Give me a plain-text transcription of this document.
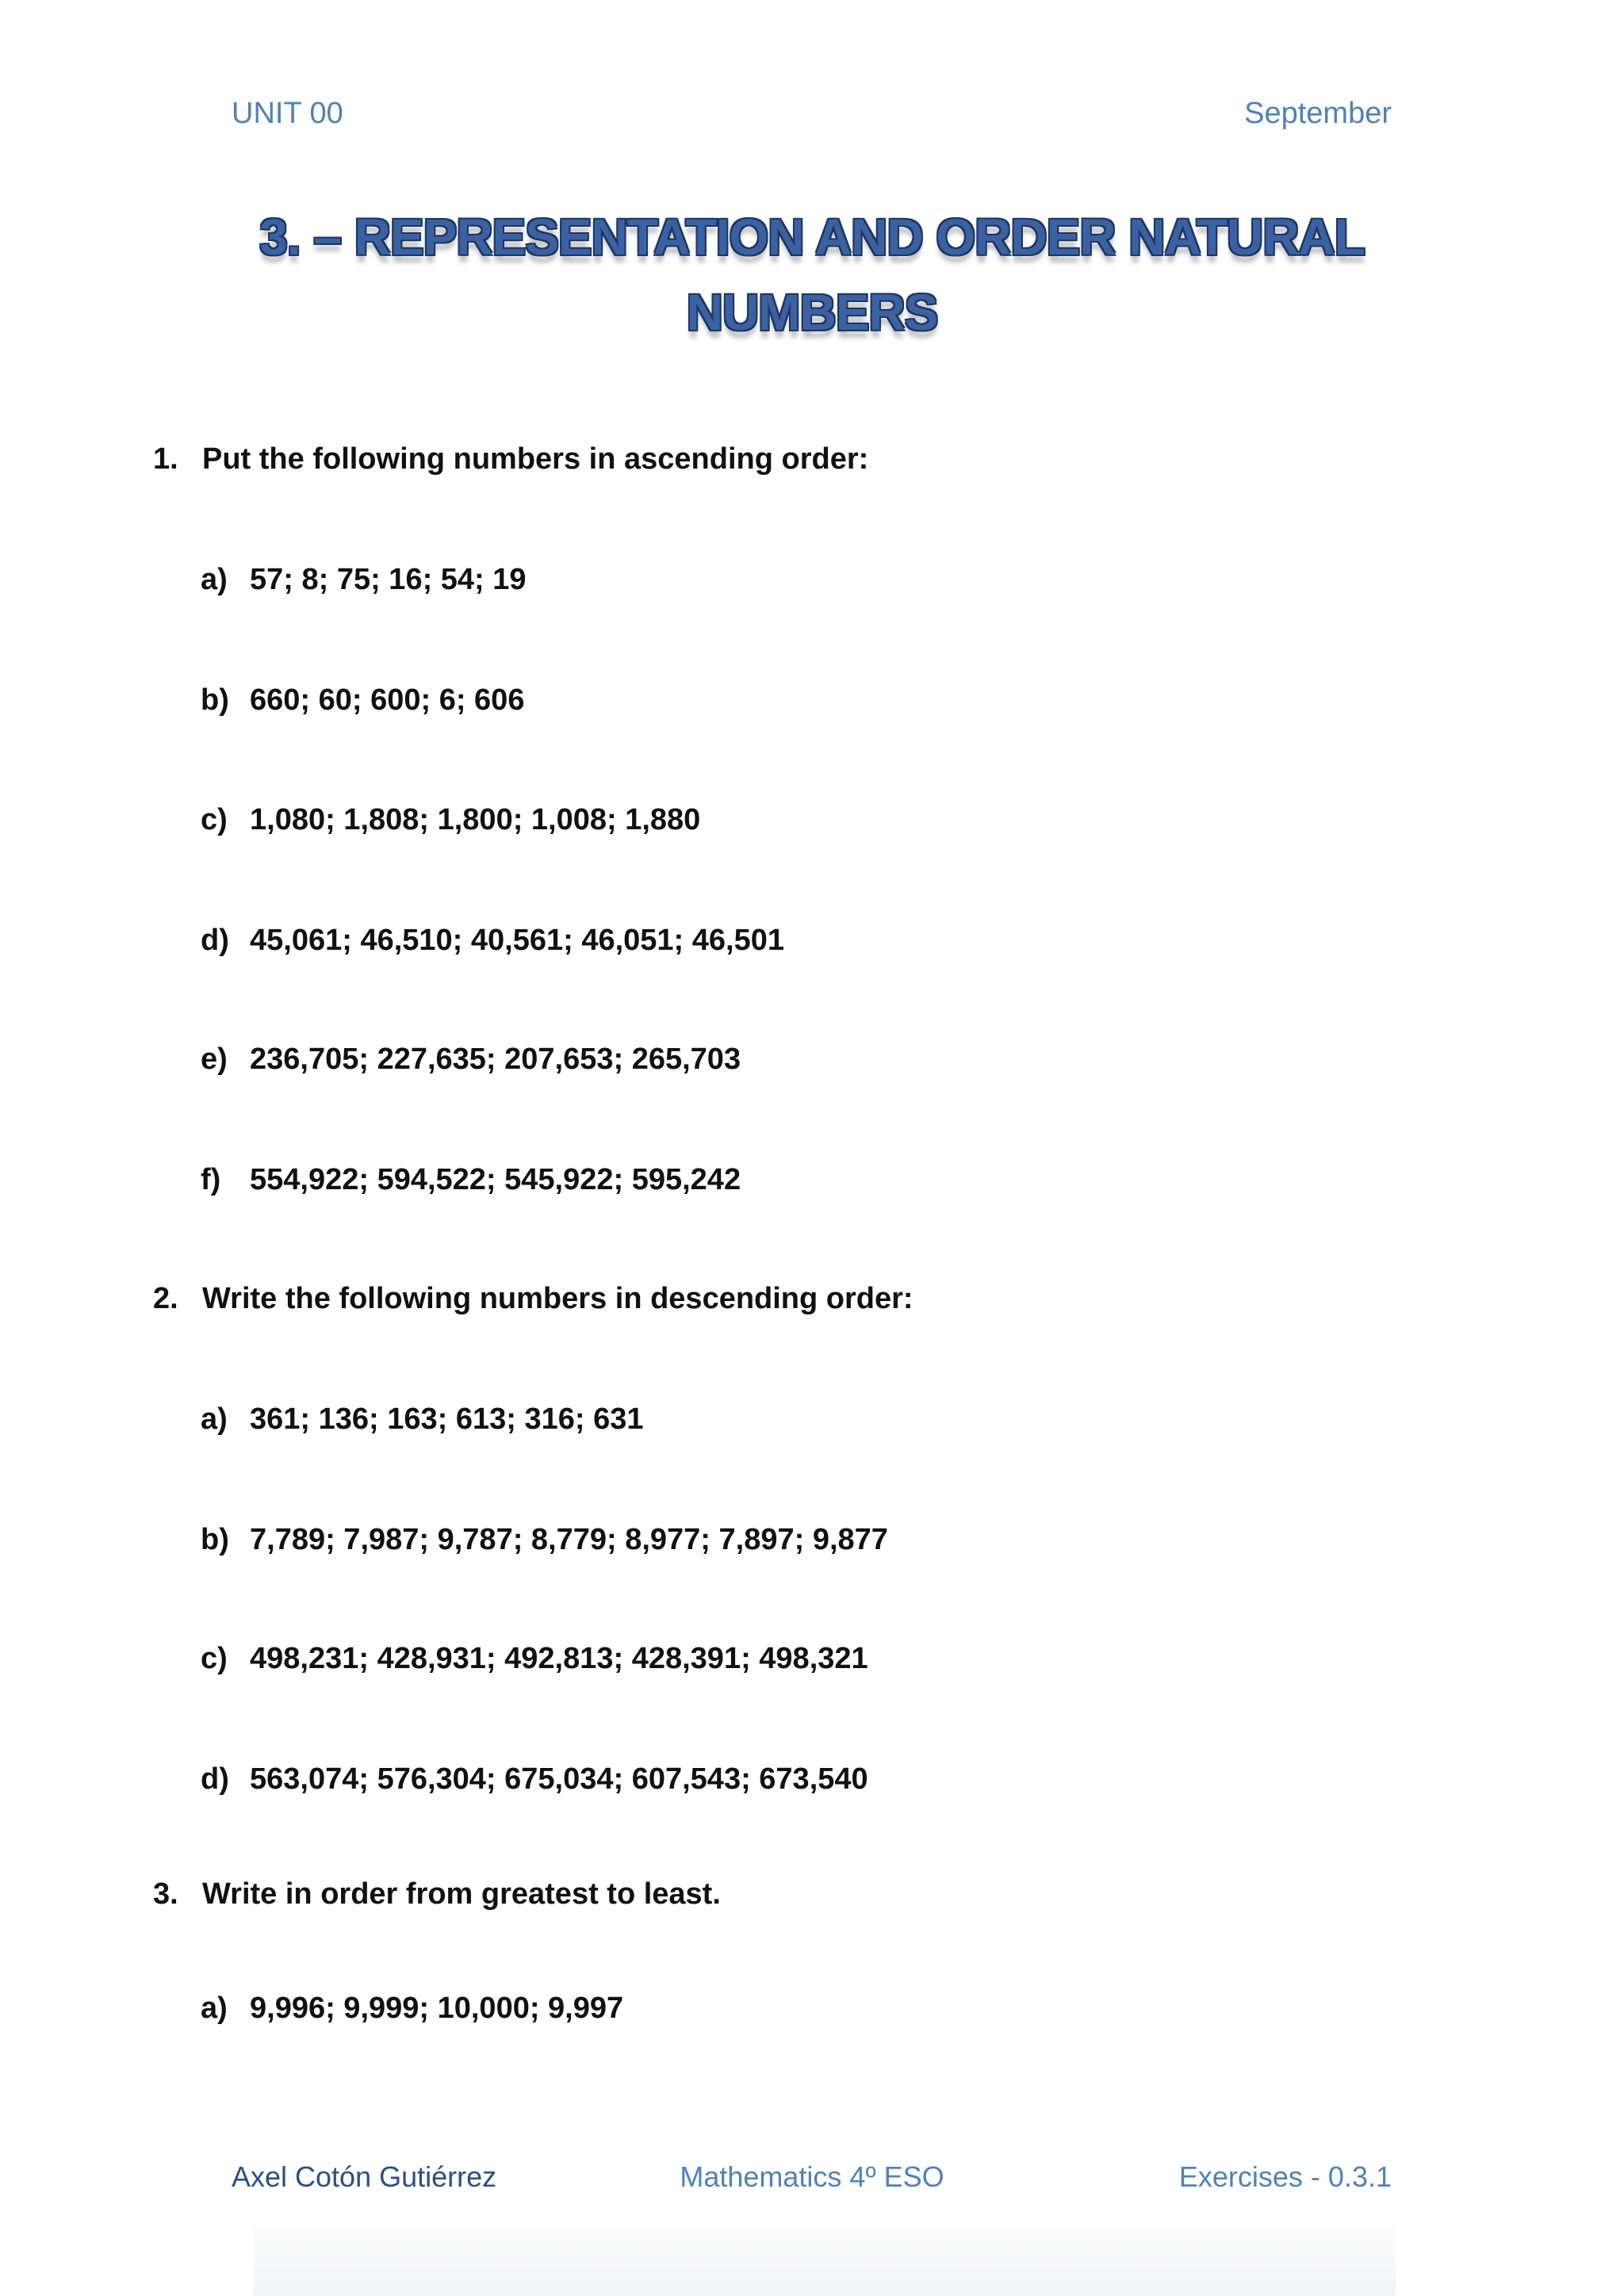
UNIT 00	September
3. – REPRESENTATION AND ORDER NATURAL
NUMBERS
1. Put the following numbers in ascending order:
a) 57; 8; 75; 16; 54; 19
b) 660; 60; 600; 6; 606
c) 1,080; 1,808; 1,800; 1,008; 1,880
d) 45,061; 46,510; 40,561; 46,051; 46,501
e) 236,705; 227,635; 207,653; 265,703
f) 554,922; 594,522; 545,922; 595,242
2. Write the following numbers in descending order:
a) 361; 136; 163; 613; 316; 631
b) 7,789; 7,987; 9,787; 8,779; 8,977; 7,897; 9,877
c) 498,231; 428,931; 492,813; 428,391; 498,321
d) 563,074; 576,304; 675,034; 607,543; 673,540
3. Write in order from greatest to least.
a) 9,996; 9,999; 10,000; 9,997
Axel Cotón Gutiérrez	Mathematics 4º ESO	Exercises - 0.3.1
